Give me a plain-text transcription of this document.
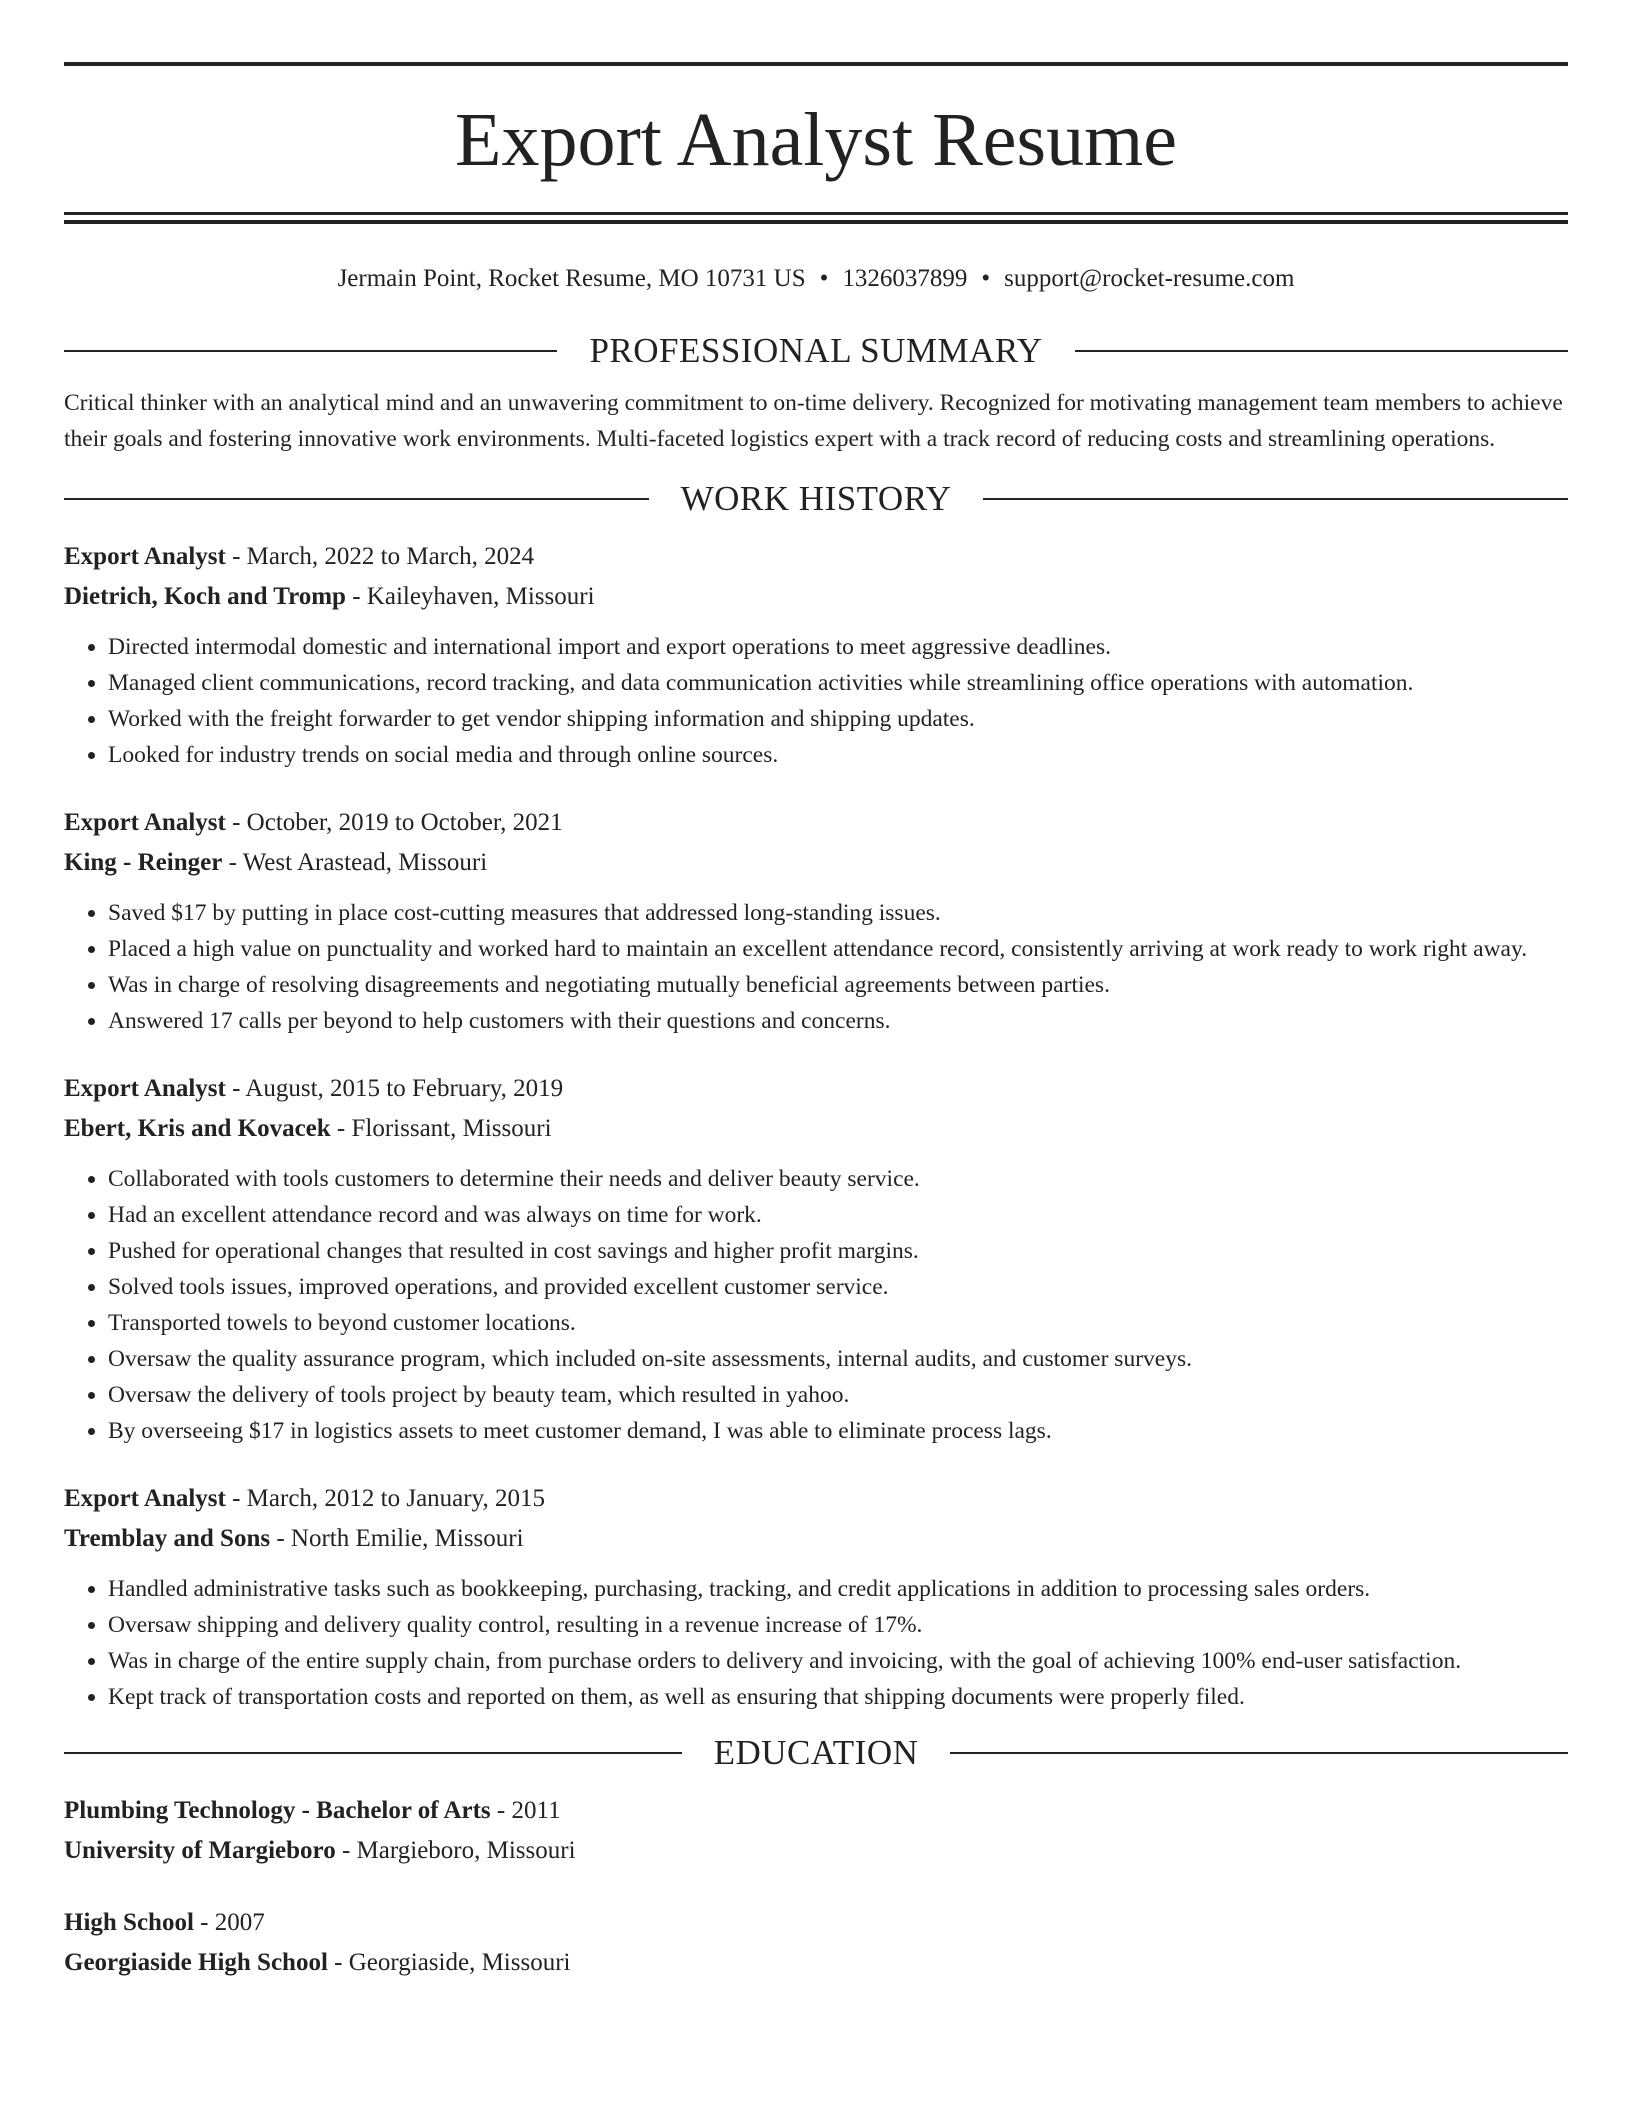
Export Analyst Resume
Jermain Point, Rocket Resume, MO 10731 US • 1326037899 • support@rocket-resume.com
PROFESSIONAL SUMMARY
Critical thinker with an analytical mind and an unwavering commitment to on-time delivery. Recognized for motivating management team members to achieve their goals and fostering innovative work environments. Multi-faceted logistics expert with a track record of reducing costs and streamlining operations.
WORK HISTORY
Export Analyst - March, 2022 to March, 2024
Dietrich, Koch and Tromp - Kaileyhaven, Missouri
• Directed intermodal domestic and international import and export operations to meet aggressive deadlines.
• Managed client communications, record tracking, and data communication activities while streamlining office operations with automation.
• Worked with the freight forwarder to get vendor shipping information and shipping updates.
• Looked for industry trends on social media and through online sources.
Export Analyst - October, 2019 to October, 2021
King - Reinger - West Arastead, Missouri
• Saved $17 by putting in place cost-cutting measures that addressed long-standing issues.
• Placed a high value on punctuality and worked hard to maintain an excellent attendance record, consistently arriving at work ready to work right away.
• Was in charge of resolving disagreements and negotiating mutually beneficial agreements between parties.
• Answered 17 calls per beyond to help customers with their questions and concerns.
Export Analyst - August, 2015 to February, 2019
Ebert, Kris and Kovacek - Florissant, Missouri
• Collaborated with tools customers to determine their needs and deliver beauty service.
• Had an excellent attendance record and was always on time for work.
• Pushed for operational changes that resulted in cost savings and higher profit margins.
• Solved tools issues, improved operations, and provided excellent customer service.
• Transported towels to beyond customer locations.
• Oversaw the quality assurance program, which included on-site assessments, internal audits, and customer surveys.
• Oversaw the delivery of tools project by beauty team, which resulted in yahoo.
• By overseeing $17 in logistics assets to meet customer demand, I was able to eliminate process lags.
Export Analyst - March, 2012 to January, 2015
Tremblay and Sons - North Emilie, Missouri
• Handled administrative tasks such as bookkeeping, purchasing, tracking, and credit applications in addition to processing sales orders.
• Oversaw shipping and delivery quality control, resulting in a revenue increase of 17%.
• Was in charge of the entire supply chain, from purchase orders to delivery and invoicing, with the goal of achieving 100% end-user satisfaction.
• Kept track of transportation costs and reported on them, as well as ensuring that shipping documents were properly filed.
EDUCATION
Plumbing Technology - Bachelor of Arts - 2011
University of Margieboro - Margieboro, Missouri
High School - 2007
Georgiaside High School - Georgiaside, Missouri
